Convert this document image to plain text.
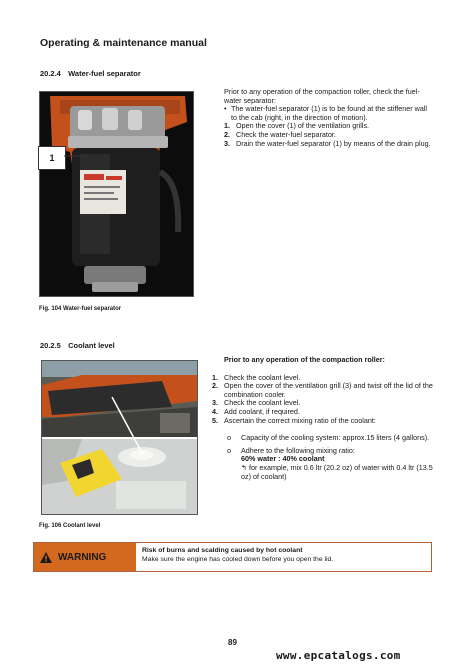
Operating & maintenance manual
20.2.4 Water-fuel separator
1
Fig. 104 Water-fuel separator

Prior to any operation of the compaction roller, check the fuel-water separator:

• The water-fuel separator (1) is to be found at the stiffener wall to the cab (right, in the direction of motion).
1. Open the cover (1) of the ventilation grills.
2. Check the water-fuel separator.
3. Drain the water-fuel separator (1) by means of the drain plug.
20.2.5 Coolant level
Fig. 106 Coolant level

Prior to any operation of the compaction roller:

1. Check the coolant level.
2. Open the cover of the ventilation grill (3) and twist off the lid of the combination cooler.
3. Check the coolant level.
4. Add coolant, if required.
5. Ascertain the correct mixing ratio of the coolant:
o Capacity of the cooling system: approx.15 liters (4 gallons).
o Adhere to the following mixing ratio:
60% water : 40% coolant
↰ for example, mix 0.6 ltr (20.2 oz) of water with 0.4 ltr (13.5 oz) of coolant)
WARNING
Risk of burns and scalding caused by hot coolant
Make sure the engine has cooled down before you open the lid.
89
www.epcatalogs.com
